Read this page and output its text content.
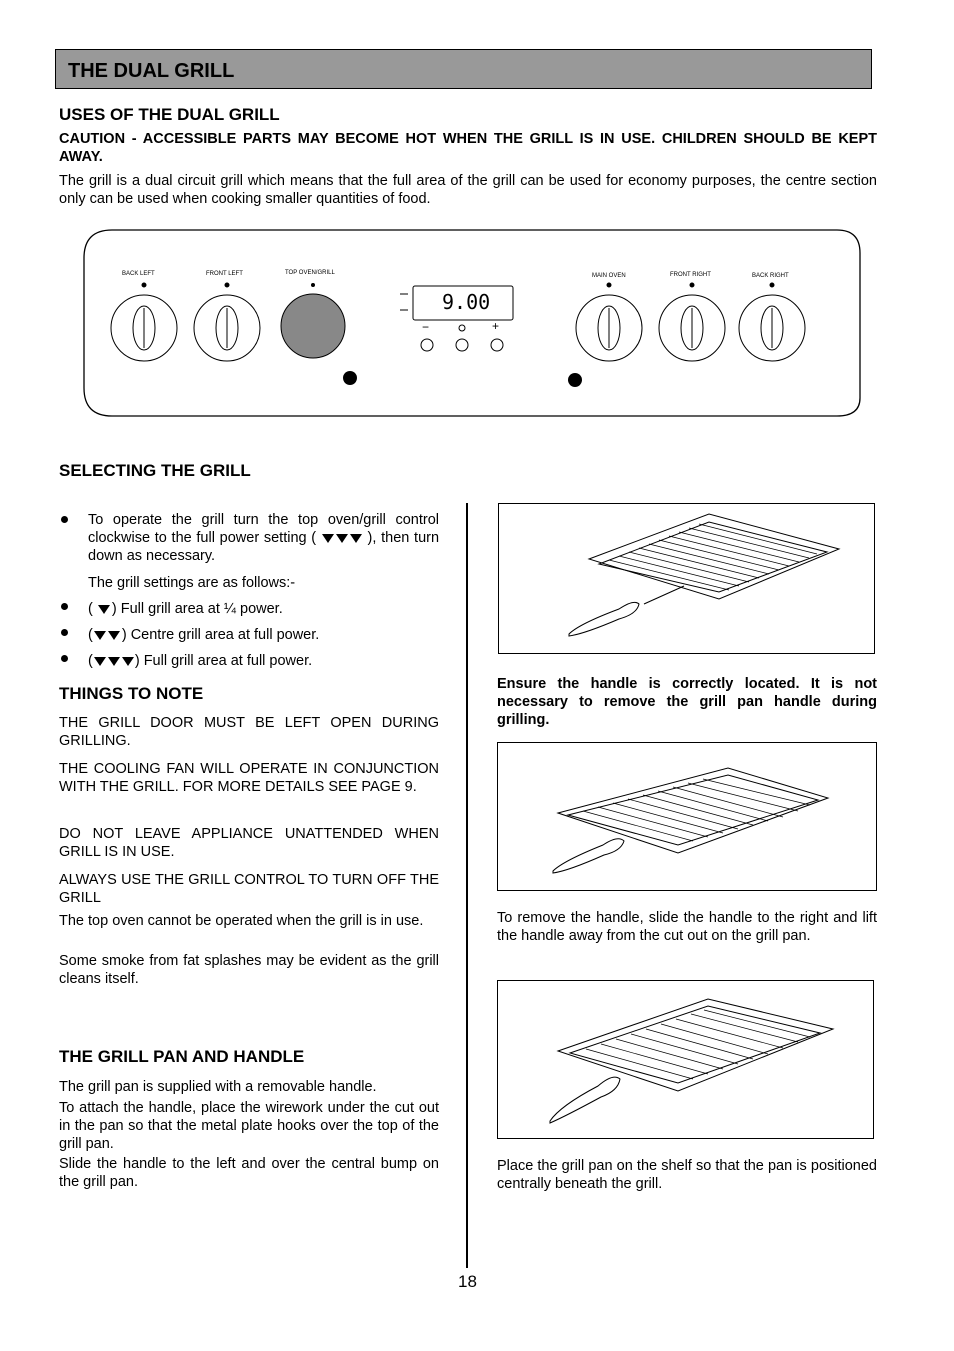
THE DUAL GRILL
USES OF THE DUAL GRILL
CAUTION - ACCESSIBLE PARTS MAY BECOME HOT WHEN THE GRILL IS IN USE. CHILDREN SHOULD BE KEPT AWAY.
The grill is a dual circuit grill which means that the full area of the grill can be used for economy purposes, the centre section only can be used when cooking smaller quantities of food.
BACK LEFT	FRONT LEFT	TOP OVEN/GRILL	MAIN OVEN	FRONT RIGHT	BACK RIGHT
9.00
−	+
SELECTING THE GRILL
To operate the grill turn the top oven/grill control clockwise to the full power setting (	), then turn down as necessary.
The grill settings are as follows:-
( ) Full grill area at ¼ power.
( ) Centre grill area at full power.
(	) Full grill area at full power.
THINGS TO NOTE
THE GRILL DOOR MUST BE LEFT OPEN DURING GRILLING.
THE COOLING FAN WILL OPERATE IN CONJUNCTION WITH THE GRILL. FOR MORE DETAILS SEE PAGE 9.
DO NOT LEAVE APPLIANCE UNATTENDED WHEN GRILL IS IN USE.
ALWAYS USE THE GRILL CONTROL TO TURN OFF THE GRILL
The top oven cannot be operated when the grill is in use.
Some smoke from fat splashes may be evident as the grill cleans itself.
THE GRILL PAN AND HANDLE
The grill pan is supplied with a removable handle.
To attach the handle, place the wirework under the cut out in the pan so that the metal plate hooks over the top of the grill pan.
Slide the handle to the left and over the central bump on the grill pan.
Ensure the handle is correctly located. It is not necessary to remove the grill pan handle during grilling.
To remove the handle, slide the handle to the right and lift the handle away from the cut out on the grill pan.
Place the grill pan on the shelf so that the pan is positioned centrally beneath the grill.
18
